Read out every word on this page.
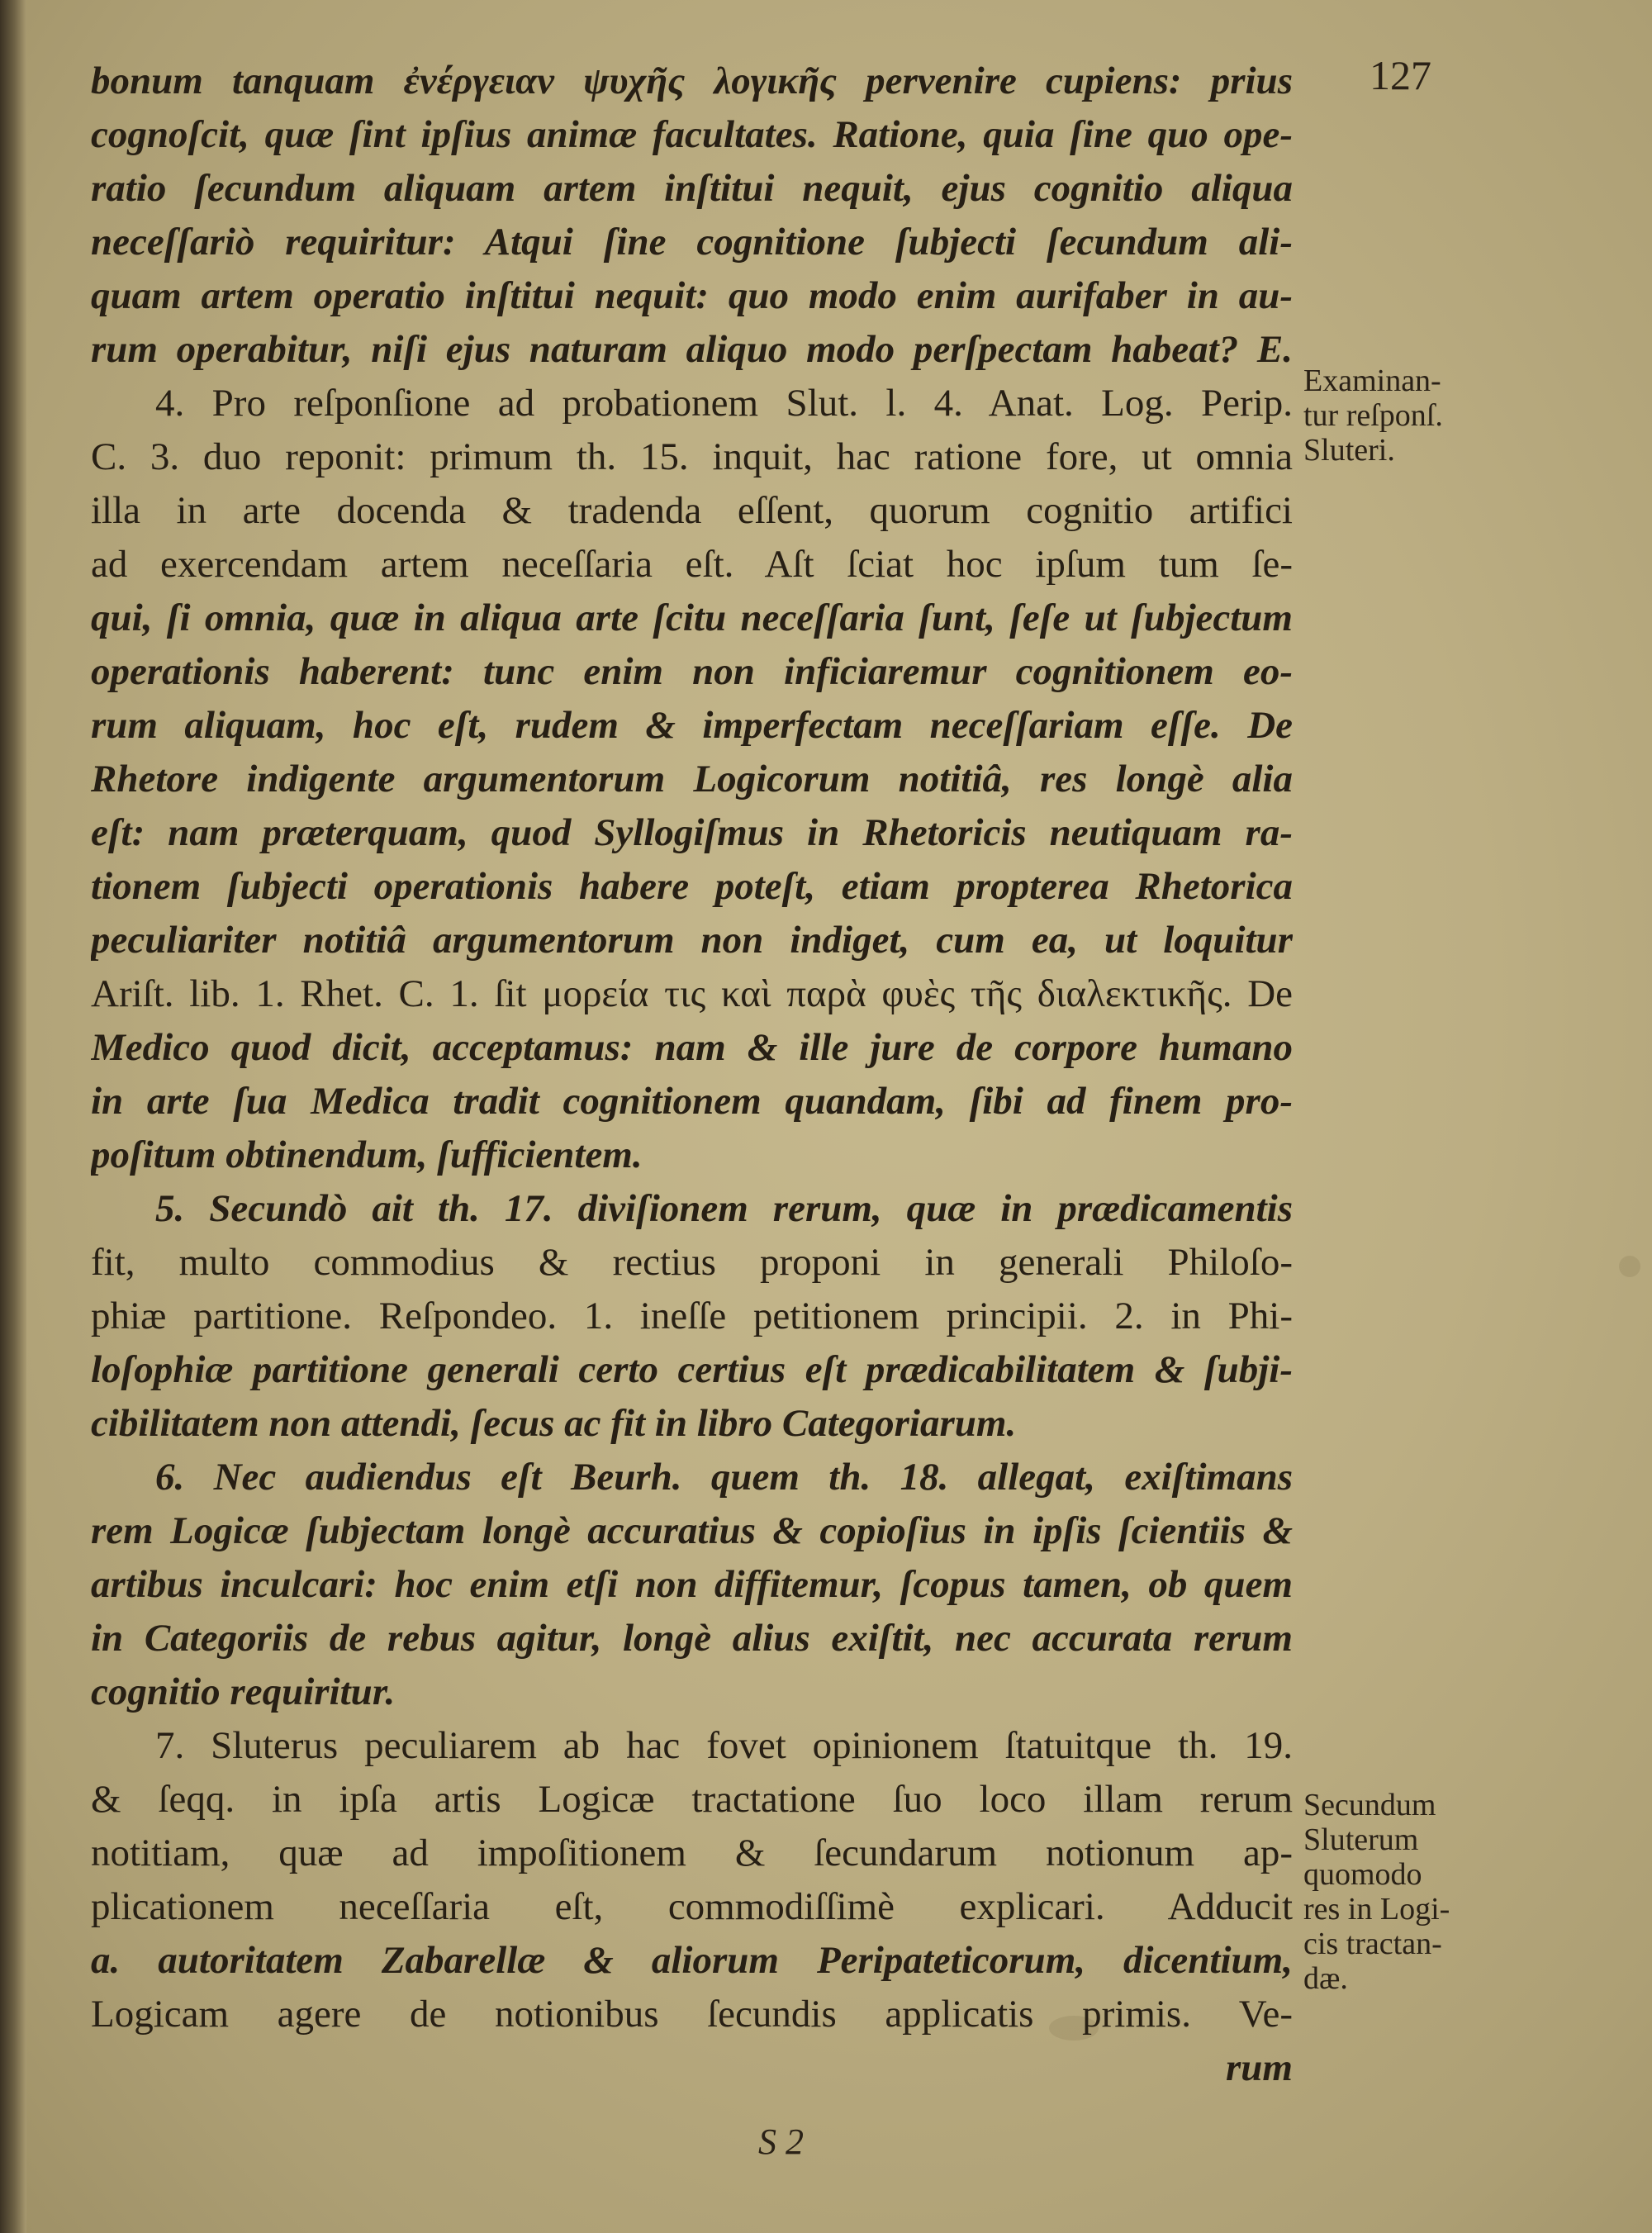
127
bonum tanquam ἐνέργειαν ψυχῆς λογικῆς pervenire cupiens: prius
cognoſcit, quæ ſint ipſius animæ facultates. Ratione, quia ſine quo ope-
ratio ſecundum aliquam artem inſtitui nequit, ejus cognitio aliqua
neceſſariò requiritur: Atqui ſine cognitione ſubjecti ſecundum ali-
quam artem operatio inſtitui nequit: quo modo enim aurifaber in au-
rum operabitur, niſi ejus naturam aliquo modo perſpectam habeat? E.
4. Pro reſponſione ad probationem Slut. l. 4. Anat. Log. Perip.
C. 3. duo reponit: primum th. 15. inquit, hac ratione fore, ut omnia
illa in arte docenda & tradenda eſſent, quorum cognitio artifici
ad exercendam artem neceſſaria eſt. Aſt ſciat hoc ipſum tum ſe-
qui, ſi omnia, quæ in aliqua arte ſcitu neceſſaria ſunt, ſeſe ut ſubjectum
operationis haberent: tunc enim non inficiaremur cognitionem eo-
rum aliquam, hoc eſt, rudem & imperfectam neceſſariam eſſe. De
Rhetore indigente argumentorum Logicorum notitiâ, res longè alia
eſt: nam præterquam, quod Syllogiſmus in Rhetoricis neutiquam ra-
tionem ſubjecti operationis habere poteſt, etiam propterea Rhetorica
peculiariter notitiâ argumentorum non indiget, cum ea, ut loquitur
Ariſt. lib. 1. Rhet. C. 1. ſit μορεία τις καὶ παρὰ φυὲς τῆς διαλεκτικῆς. De
Medico quod dicit, acceptamus: nam & ille jure de corpore humano
in arte ſua Medica tradit cognitionem quandam, ſibi ad finem pro-
poſitum obtinendum, ſufficientem.
5. Secundò ait th. 17. diviſionem rerum, quæ in prædicamentis
fit, multo commodius & rectius proponi in generali Philoſo-
phiæ partitione. Reſpondeo. 1. ineſſe petitionem principii. 2. in Phi-
loſophiæ partitione generali certo certius eſt prædicabilitatem & ſubji-
cibilitatem non attendi, ſecus ac fit in libro Categoriarum.
6. Nec audiendus eſt Beurh. quem th. 18. allegat, exiſtimans
rem Logicæ ſubjectam longè accuratius & copioſius in ipſis ſcientiis &
artibus inculcari: hoc enim etſi non diffitemur, ſcopus tamen, ob quem
in Categoriis de rebus agitur, longè alius exiſtit, nec accurata rerum
cognitio requiritur.
7. Sluterus peculiarem ab hac fovet opinionem ſtatuitque th. 19.
& ſeqq. in ipſa artis Logicæ tractatione ſuo loco illam rerum
notitiam, quæ ad impoſitionem & ſecundarum notionum ap-
plicationem neceſſaria eſt, commodiſſimè explicari. Adducit
a. autoritatem Zabarellæ & aliorum Peripateticorum, dicentium,
Logicam agere de notionibus ſecundis applicatis primis. Ve-
rum
Examinan-
tur reſponſ.
Sluteri.
Secundum
Sluterum
quomodo
res in Logi-
cis tractan-
dæ.
S 2
